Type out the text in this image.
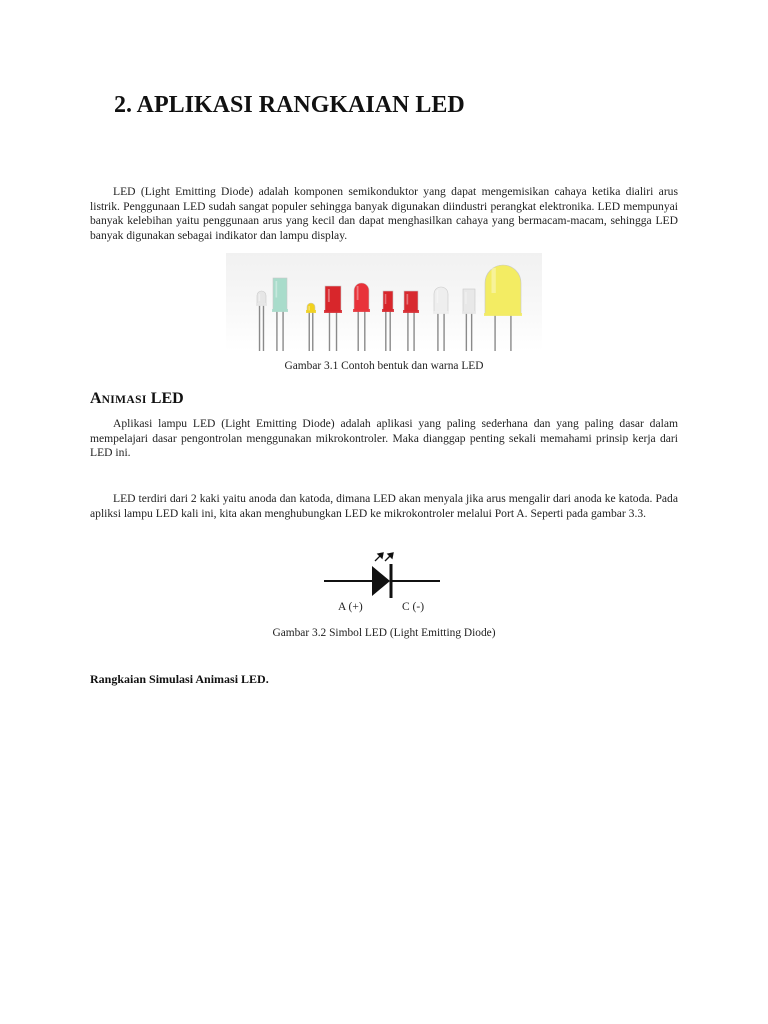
2. APLIKASI RANGKAIAN LED

LED (Light Emitting Diode) adalah komponen semikonduktor yang dapat mengemisikan cahaya ketika dialiri arus listrik. Penggunaan LED sudah sangat populer sehingga banyak digunakan diindustri perangkat elektronika. LED mempunyai banyak kelebihan yaitu penggunaan arus yang kecil dan dapat menghasilkan cahaya yang bermacam-macam, sehingga LED banyak digunakan sebagai indikator dan lampu display.

Gambar 3.1 Contoh bentuk dan warna LED

ANIMASI LED

Aplikasi lampu LED (Light Emitting Diode) adalah aplikasi yang paling sederhana dan yang paling dasar dalam mempelajari dasar pengontrolan menggunakan mikrokontroler. Maka dianggap penting sekali memahami prinsip kerja dari LED ini.

LED terdiri dari 2 kaki yaitu anoda dan katoda, dimana LED akan menyala jika arus mengalir dari anoda ke katoda. Pada apliksi lampu LED kali ini, kita akan menghubungkan LED ke mikrokontroler melalui Port A. Seperti pada gambar 3.3.

A (+)	C (-)

Gambar 3.2 Simbol LED (Light Emitting Diode)

Rangkaian Simulasi Animasi LED.
